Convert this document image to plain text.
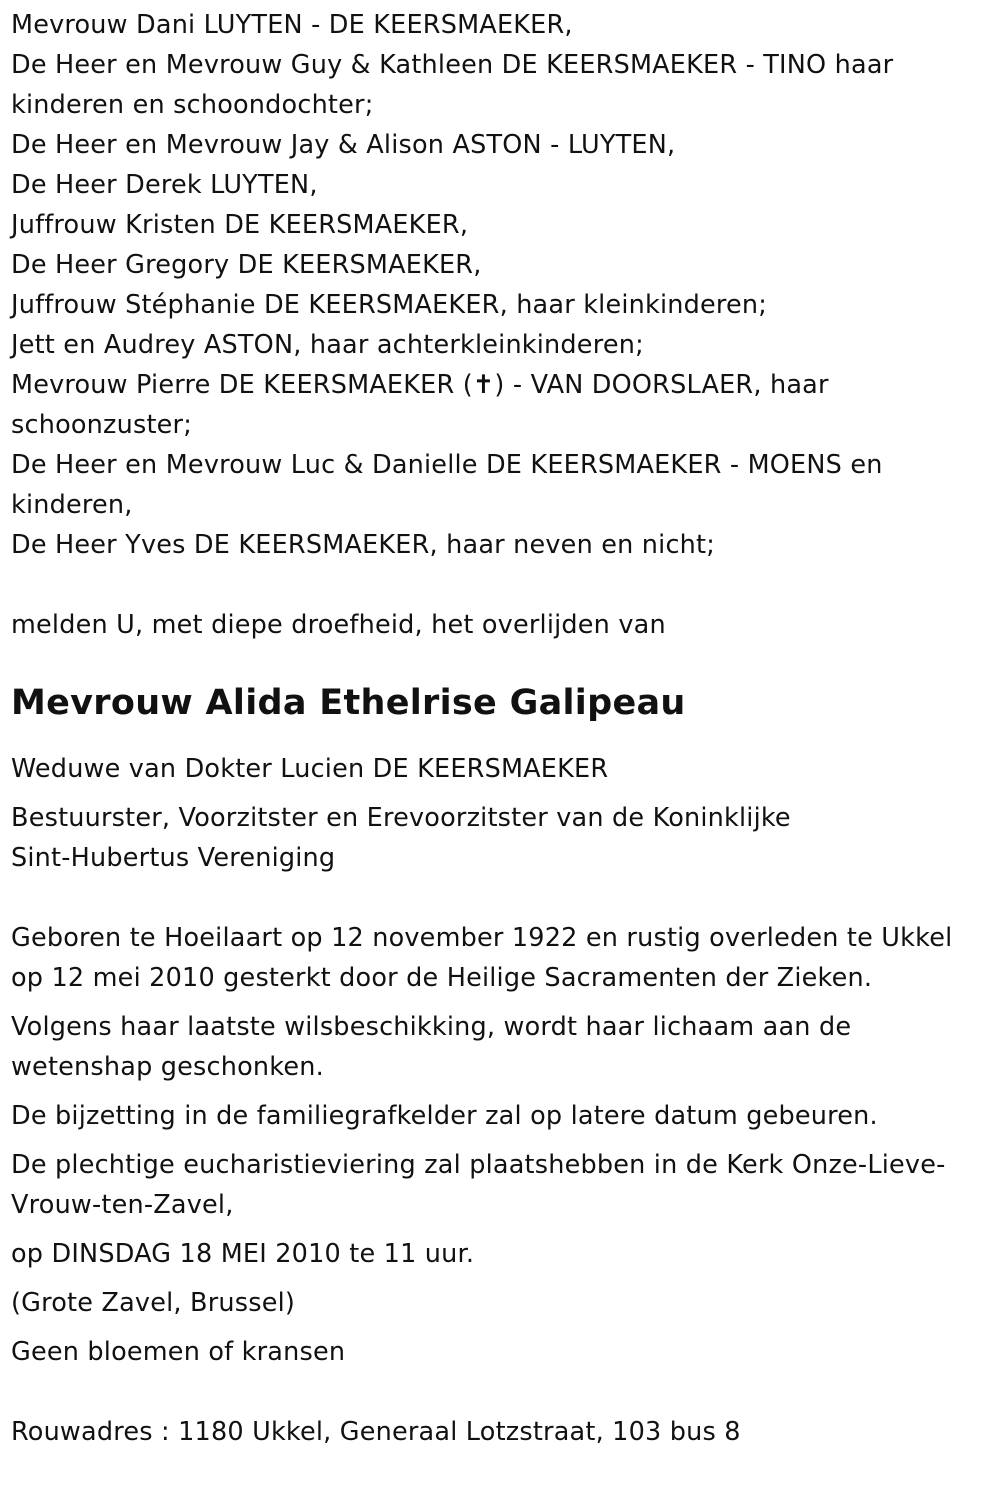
Mevrouw Dani LUYTEN - DE KEERSMAEKER,
De Heer en Mevrouw Guy & Kathleen DE KEERSMAEKER - TINO haar
kinderen en schoondochter;
De Heer en Mevrouw Jay & Alison ASTON - LUYTEN,
De Heer Derek LUYTEN,
Juffrouw Kristen DE KEERSMAEKER,
De Heer Gregory DE KEERSMAEKER,
Juffrouw Stéphanie DE KEERSMAEKER, haar kleinkinderen;
Jett en Audrey ASTON, haar achterkleinkinderen;
Mevrouw Pierre DE KEERSMAEKER (✝) - VAN DOORSLAER, haar
schoonzuster;
De Heer en Mevrouw Luc & Danielle DE KEERSMAEKER - MOENS en
kinderen,
De Heer Yves DE KEERSMAEKER, haar neven en nicht;
melden U, met diepe droefheid, het overlijden van
Mevrouw Alida Ethelrise Galipeau
Weduwe van Dokter Lucien DE KEERSMAEKER
Bestuurster, Voorzitster en Erevoorzitster van de Koninklijke
Sint-Hubertus Vereniging
Geboren te Hoeilaart op 12 november 1922 en rustig overleden te Ukkel
op 12 mei 2010 gesterkt door de Heilige Sacramenten der Zieken.
Volgens haar laatste wilsbeschikking, wordt haar lichaam aan de
wetenshap geschonken.
De bijzetting in de familiegrafkelder zal op latere datum gebeuren.
De plechtige eucharistieviering zal plaatshebben in de Kerk Onze-Lieve-
Vrouw-ten-Zavel,
op DINSDAG 18 MEI 2010 te 11 uur.
(Grote Zavel, Brussel)
Geen bloemen of kransen
Rouwadres : 1180 Ukkel, Generaal Lotzstraat, 103 bus 8
